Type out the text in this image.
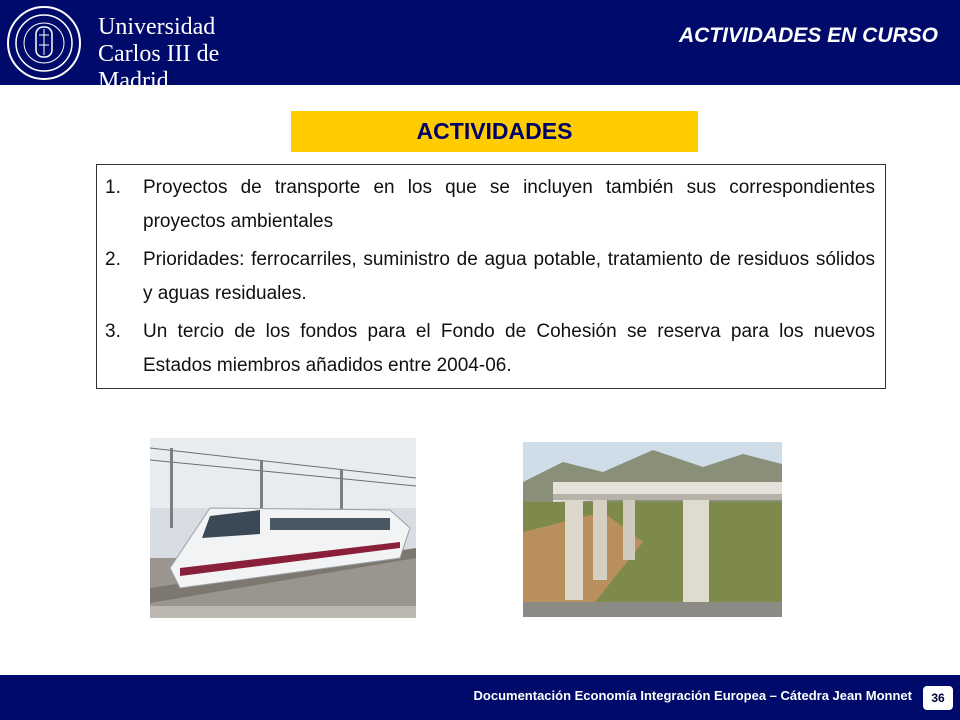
Universidad
Carlos III de Madrid
ACTIVIDADES EN CURSO
ACTIVIDADES
1.	Proyectos de transporte en los que se incluyen también sus correspondientes proyectos ambientales
2.	Prioridades: ferrocarriles, suministro de agua potable, tratamiento de residuos sólidos y aguas residuales.
3.	Un tercio de los fondos para el Fondo de Cohesión se reserva para los nuevos Estados miembros añadidos entre 2004-06.
Documentación Economía Integración Europea – Cátedra Jean Monnet	36
